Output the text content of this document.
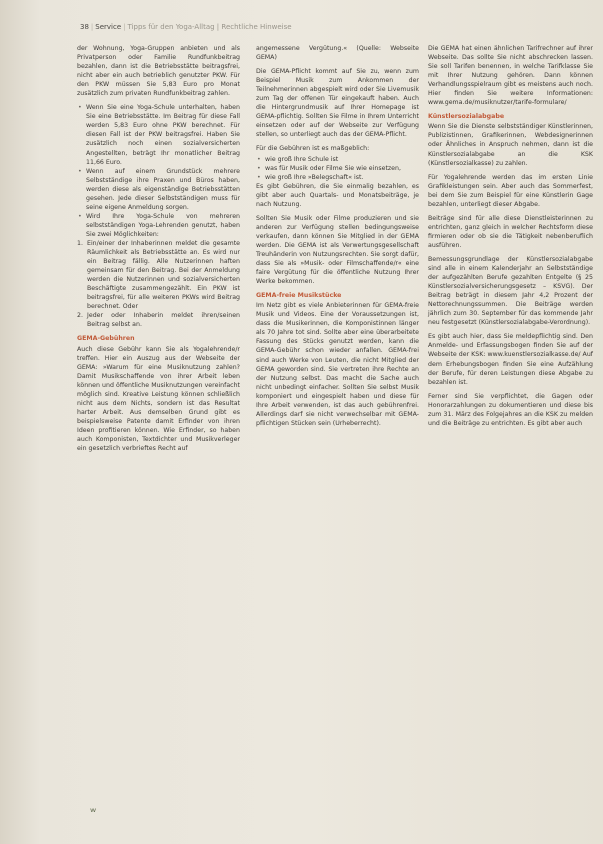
38 | Service | Tipps für den Yoga-Alltag | Rechtliche Hinweise

der Wohnung, Yoga-Gruppen anbieten und als Privatperson oder Familie Rundfunkbeitrag bezahlen, dann ist die Betriebsstätte beitragsfrei, nicht aber ein auch betrieblich genutzter PKW. Für den PKW müssen Sie 5,83 Euro pro Monat zusätzlich zum privaten Rundfunkbeitrag zahlen.

• Wenn Sie eine Yoga-Schule unterhalten, haben Sie eine Betriebsstätte. Im Beitrag für diese Fall werden 5,83 Euro ohne PKW berechnet. Für diesen Fall ist der PKW beitragsfrei. Haben Sie zusätzlich noch einen sozialversicherten Angestellten, beträgt Ihr monatlicher Beitrag 11,66 Euro.
• Wenn auf einem Grundstück mehrere Selbstständige ihre Praxen und Büros haben, werden diese als eigenständige Betriebsstätten gesehen. Jede dieser Selbstständigen muss für seine eigene Anmeldung sorgen.
• Wird Ihre Yoga-Schule von mehreren selbstständigen Yoga-Lehrenden genutzt, haben Sie zwei Möglichkeiten:
1. Ein/einer der Inhaberinnen meldet die gesamte Räumlichkeit als Betriebsstätte an. Es wird nur ein Beitrag fällig. Alle Nutzerinnen haften gemeinsam für den Beitrag. Bei der Anmeldung werden die Nutzerinnen und sozialversicherten Beschäftigte zusammengezählt. Ein PKW ist beitragsfrei, für alle weiteren PKWs wird Beitrag berechnet. Oder
2. Jeder oder Inhaberin meldet ihren/seinen Beitrag selbst an.
GEMA-Gebühren

Auch diese Gebühr kann Sie als Yogalehrende/r treffen. Hier ein Auszug aus der Webseite der GEMA: »Warum für eine Musiknutzung zahlen? Damit Musikschaffende von ihrer Arbeit leben können und öffentliche Musiknutzungen vereinfacht möglich sind. Kreative Leistung können schließlich nicht aus dem Nichts, sondern ist das Resultat harter Arbeit. Aus demselben Grund gibt es beispielsweise Patente damit Erfinder von ihren Ideen profitieren können. Wie Erfinder, so haben auch Komponisten, Textdichter und Musikverleger ein gesetzlich verbrieftes Recht auf

angemessene Vergütung.« (Quelle: Webseite GEMA)

Die GEMA-Pflicht kommt auf Sie zu, wenn zum Beispiel Musik zum Ankommen der Teilnehmerinnen abgespielt wird oder Sie Livemusik zum Tag der offenen Tür eingekauft haben. Auch die Hintergrundmusik auf Ihrer Homepage ist GEMA-pflichtig. Sollten Sie Filme in Ihrem Unterricht einsetzen oder auf der Webseite zur Verfügung stellen, so unterliegt auch das der GEMA-Pflicht.

Für die Gebühren ist es maßgeblich:

• wie groß Ihre Schule ist
• was für Musik oder Filme Sie wie einsetzen,
• wie groß Ihre »Belegschaft« ist.

Es gibt Gebühren, die Sie einmalig bezahlen, es gibt aber auch Quartals- und Monatsbeiträge, je nach Nutzung.

Sollten Sie Musik oder Filme produzieren und sie anderen zur Verfügung stellen bedingungsweise verkaufen, dann können Sie Mitglied in der GEMA werden. Die GEMA ist als Verwertungsgesellschaft Treuhänderin von Nutzungsrechten. Sie sorgt dafür, dass Sie als »Musik- oder Filmschaffende/r« eine faire Vergütung für die öffentliche Nutzung Ihrer Werke bekommen.

GEMA-freie Musikstücke

Im Netz gibt es viele Anbieterinnen für GEMA-freie Musik und Videos. Eine der Voraussetzungen ist, dass die Musikerinnen, die Komponistinnen länger als 70 Jahre tot sind. Sollte aber eine überarbeitete Fassung des Stücks genutzt werden, kann die GEMA-Gebühr schon wieder anfallen. GEMA-frei sind auch Werke von Leuten, die nicht Mitglied der GEMA geworden sind. Sie vertreten ihre Rechte an der Nutzung selbst. Das macht die Sache auch nicht unbedingt einfacher. Sollten Sie selbst Musik komponiert und eingespielt haben und diese für Ihre Arbeit verwenden, ist das auch gebührenfrei. Allerdings darf sie nicht verwechselbar mit GEMA-pflichtigen Stücken sein (Urheberrecht).

Die GEMA hat einen ähnlichen Tarifrechner auf ihrer Webseite. Das sollte Sie nicht abschrecken lassen. Sie soll Tarifen benennen, in welche Tarifklasse Sie mit Ihrer Nutzung gehören. Dann können Verhandlungsspielraum gibt es meistens auch noch. Hier finden Sie weitere Informationen: www.gema.de/musiknutzer/tarife-formulare/

Künstlersozialabgabe

Wenn Sie die Dienste selbstständiger Künstlerinnen, Publizistinnen, Grafikerinnen, Webdesignerinnen oder Ähnliches in Anspruch nehmen, dann ist die Künstlersozialabgabe an die KSK (Künstlersozialkasse) zu zahlen.

Für Yogalehrende werden das im ersten Linie Grafikleistungen sein. Aber auch das Sommerfest, bei dem Sie zum Beispiel für eine Künstlerin Gage bezahlen, unterliegt dieser Abgabe.

Beiträge sind für alle diese Dienstleisterinnen zu entrichten, ganz gleich in welcher Rechtsform diese firmieren oder ob sie die Tätigkeit nebenberuflich ausführen.

Bemessungsgrundlage der Künstlersozialabgabe sind alle in einem Kalenderjahr an Selbstständige der aufgezählten Berufe gezahlten Entgelte (§ 25 Künstlersozialversicherungsgesetz – KSVG). Der Beitrag beträgt in diesem Jahr 4,2 Prozent der Nettorechnungssummen. Die Beiträge werden jährlich zum 30. September für das kommende Jahr neu festgesetzt (Künstlersozialabgabe-Verordnung).

Es gibt auch hier, dass Sie meldepflichtig sind. Den Anmelde- und Erfassungsbogen finden Sie auf der Webseite der KSK: www.kuenstlersozialkasse.de/ Auf dem Erhebungsbogen finden Sie eine Aufzählung der Berufe, für deren Leistungen diese Abgabe zu bezahlen ist.

Ferner sind Sie verpflichtet, die Gagen oder Honorarzahlungen zu dokumentieren und diese bis zum 31. März des Folgejahres an die KSK zu melden und die Beiträge zu entrichten. Es gibt aber auch

ʷ
